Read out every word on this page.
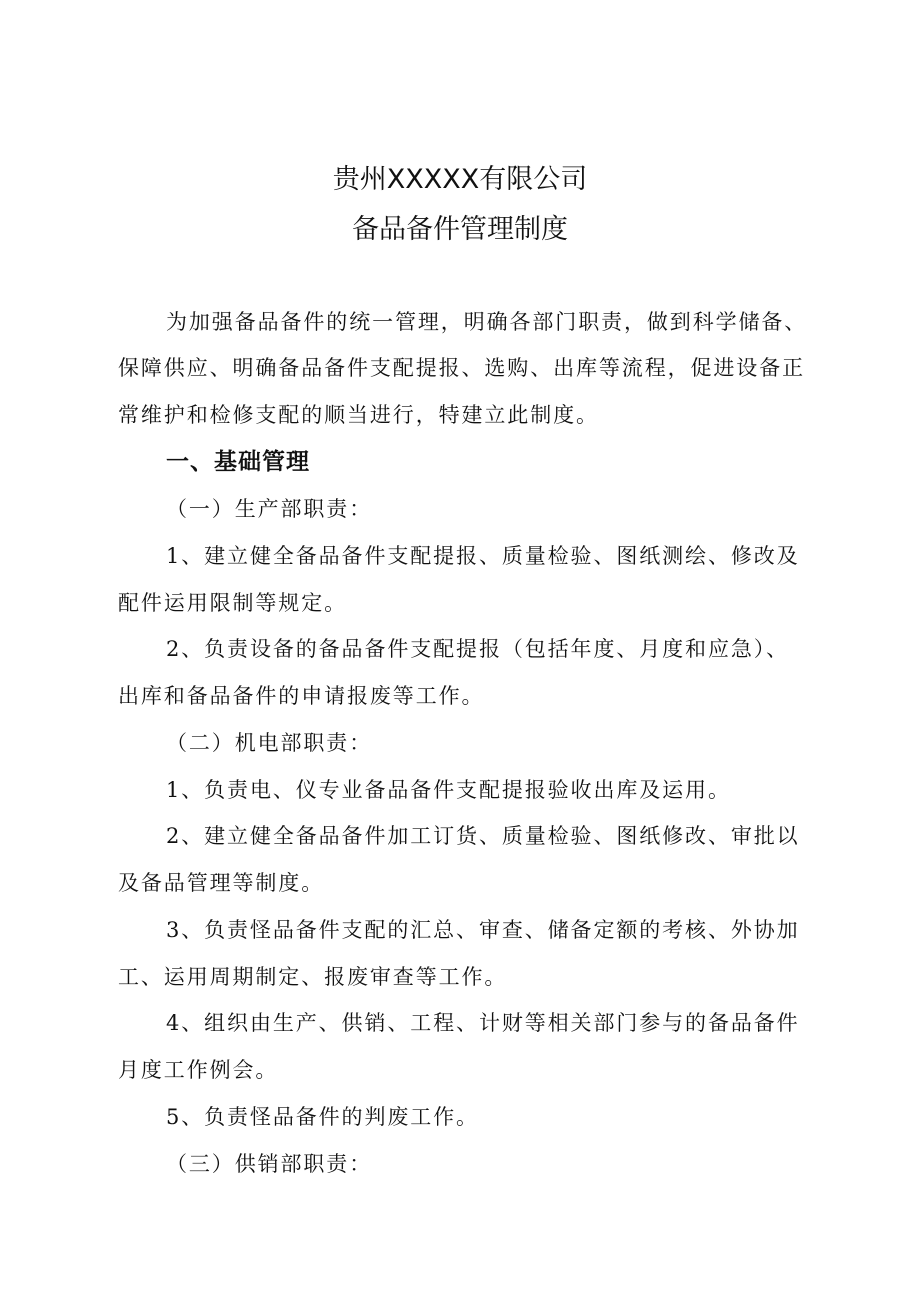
贵州XXXXX有限公司
备品备件管理制度
为加强备品备件的统一管理，明确各部门职责，做到科学储备、
保障供应、明确备品备件支配提报、选购、出库等流程，促进设备正
常维护和检修支配的顺当进行，特建立此制度。
一、基础管理
（一）生产部职责：
1、建立健全备品备件支配提报、质量检验、图纸测绘、修改及
配件运用限制等规定。
2、负责设备的备品备件支配提报（包括年度、月度和应急）、
出库和备品备件的申请报废等工作。
（二）机电部职责：
1、负责电、仪专业备品备件支配提报验收出库及运用。
2、建立健全备品备件加工订货、质量检验、图纸修改、审批以
及备品管理等制度。
3、负责怪品备件支配的汇总、审查、储备定额的考核、外协加
工、运用周期制定、报废审查等工作。
4、组织由生产、供销、工程、计财等相关部门参与的备品备件
月度工作例会。
5、负责怪品备件的判废工作。
（三）供销部职责：
